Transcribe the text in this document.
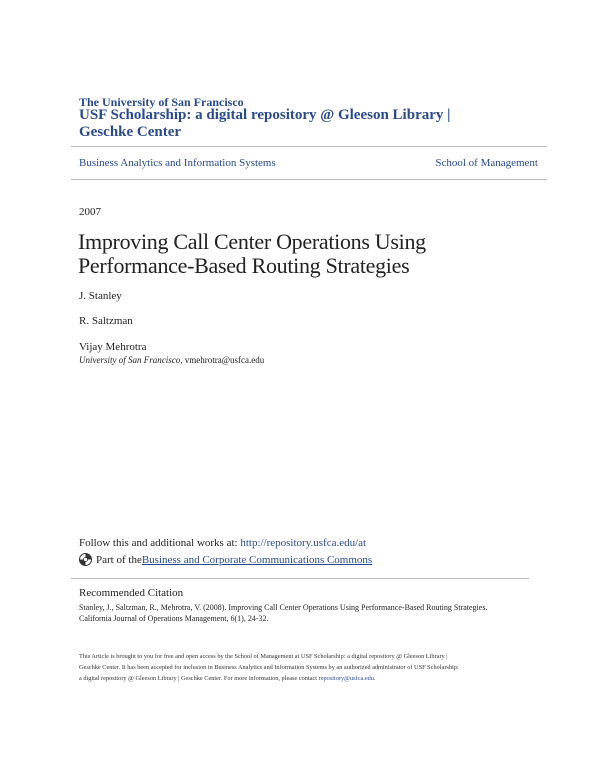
The University of San Francisco
USF Scholarship: a digital repository @ Gleeson Library |
Geschke Center
Business Analytics and Information Systems	School of Management
2007
Improving Call Center Operations Using
Performance-Based Routing Strategies
J. Stanley
R. Saltzman
Vijay Mehrotra
University of San Francisco, vmehrotra@usfca.edu
Follow this and additional works at: http://repository.usfca.edu/at
Part of the Business and Corporate Communications Commons
Recommended Citation
Stanley, J., Saltzman, R., Mehrotra, V. (2008). Improving Call Center Operations Using Performance-Based Routing Strategies.
California Journal of Operations Management, 6(1), 24-32.
This Article is brought to you for free and open access by the School of Management at USF Scholarship: a digital repository @ Gleeson Library |
Geschke Center. It has been accepted for inclusion in Business Analytics and Information Systems by an authorized administrator of USF Scholarship:
a digital repository @ Gleeson Library | Geschke Center. For more information, please contact repository@usfca.edu.
